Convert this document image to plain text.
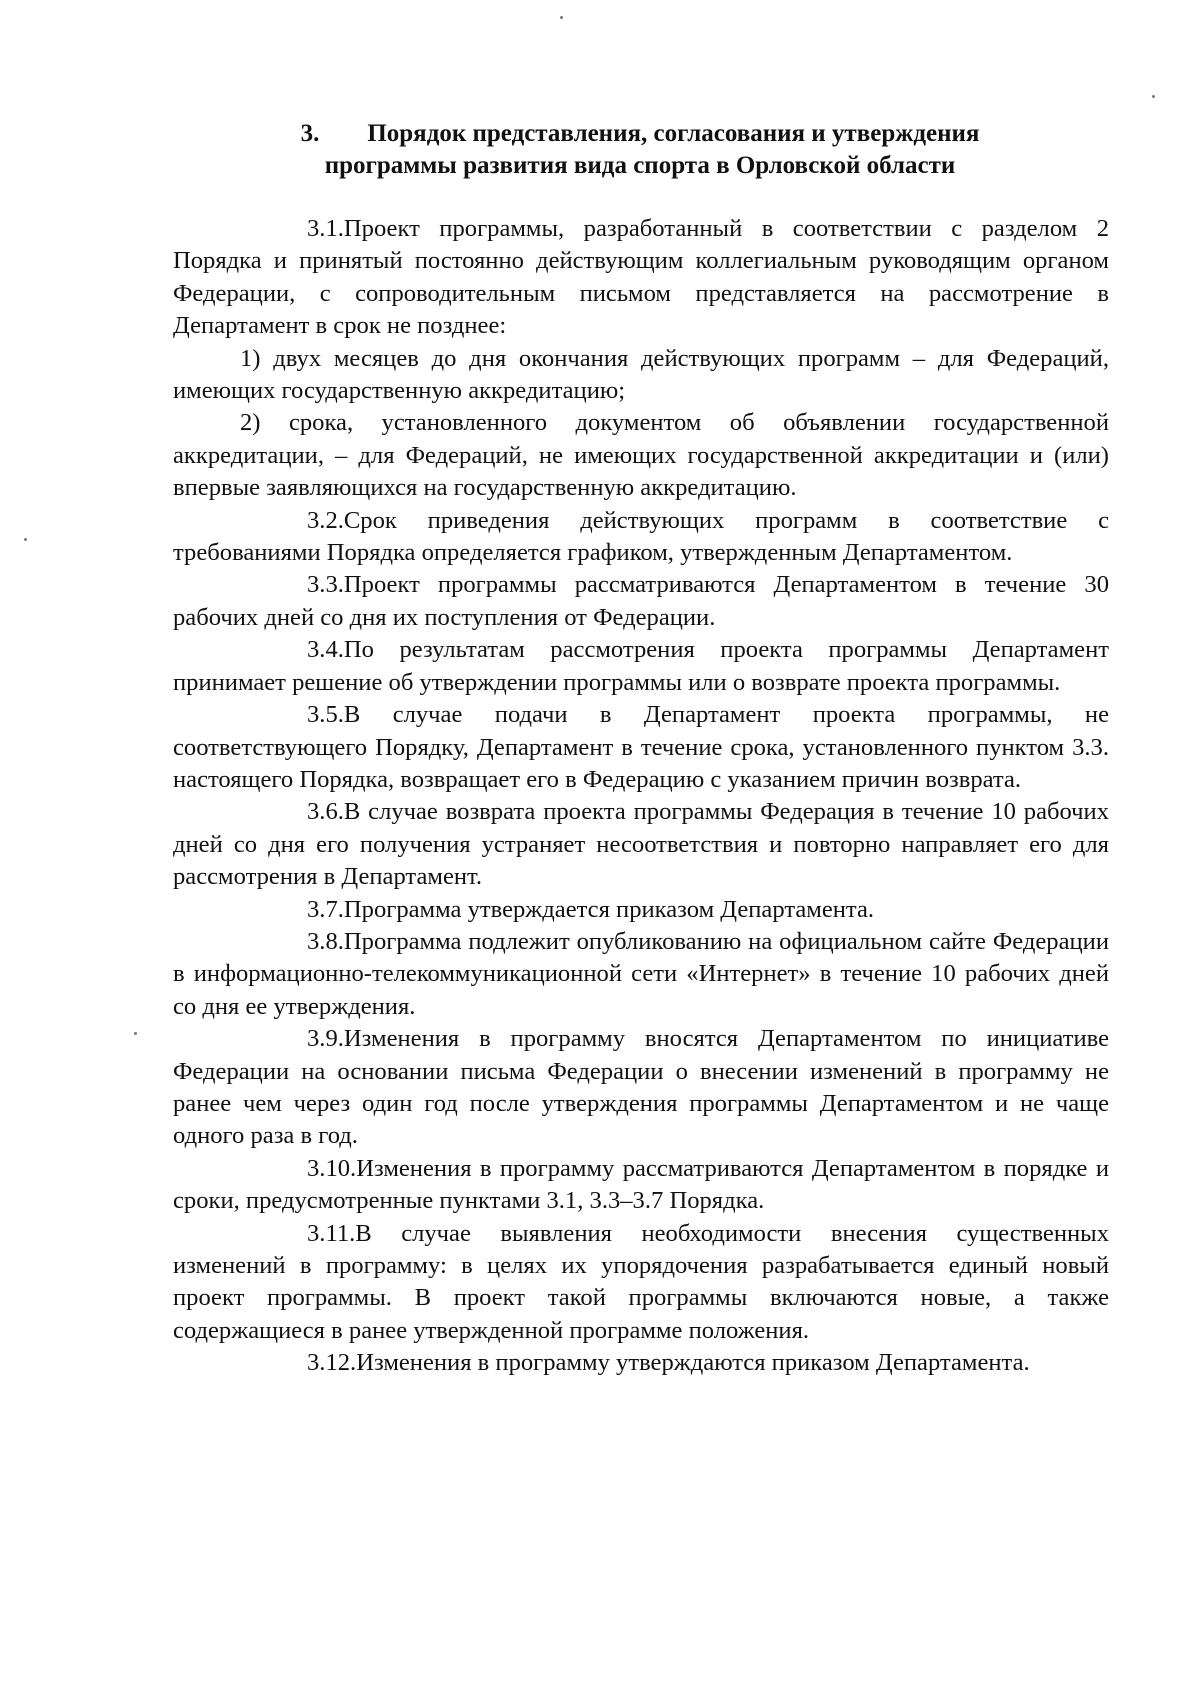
3. Порядок представления, согласования и утверждения
программы развития вида спорта в Орловской области

3.1.Проект программы, разработанный в соответствии с разделом 2 Порядка и принятый постоянно действующим коллегиальным руководящим органом Федерации, с сопроводительным письмом представляется на рассмотрение в Департамент в срок не позднее:

1) двух месяцев до дня окончания действующих программ – для Федераций, имеющих государственную аккредитацию;

2) срока, установленного документом об объявлении государственной аккредитации, – для Федераций, не имеющих государственной аккредитации и (или) впервые заявляющихся на государственную аккредитацию.

3.2.Срок приведения действующих программ в соответствие с требованиями Порядка определяется графиком, утвержденным Департаментом.

3.3.Проект программы рассматриваются Департаментом в течение 30 рабочих дней со дня их поступления от Федерации.

3.4.По результатам рассмотрения проекта программы Департамент принимает решение об утверждении программы или о возврате проекта программы.

3.5.В случае подачи в Департамент проекта программы, не соответствующего Порядку, Департамент в течение срока, установленного пунктом 3.3. настоящего Порядка, возвращает его в Федерацию с указанием причин возврата.

3.6.В случае возврата проекта программы Федерация в течение 10 рабочих дней со дня его получения устраняет несоответствия и повторно направляет его для рассмотрения в Департамент.

3.7.Программа утверждается приказом Департамента.

3.8.Программа подлежит опубликованию на официальном сайте Федерации в информационно-телекоммуникационной сети «Интернет» в течение 10 рабочих дней со дня ее утверждения.

3.9.Изменения в программу вносятся Департаментом по инициативе Федерации на основании письма Федерации о внесении изменений в программу не ранее чем через один год после утверждения программы Департаментом и не чаще одного раза в год.

3.10.Изменения в программу рассматриваются Департаментом в порядке и сроки, предусмотренные пунктами 3.1, 3.3–3.7 Порядка.

3.11.В случае выявления необходимости внесения существенных изменений в программу: в целях их упорядочения разрабатывается единый новый проект программы. В проект такой программы включаются новые, а также содержащиеся в ранее утвержденной программе положения.

3.12.Изменения в программу утверждаются приказом Департамента.
